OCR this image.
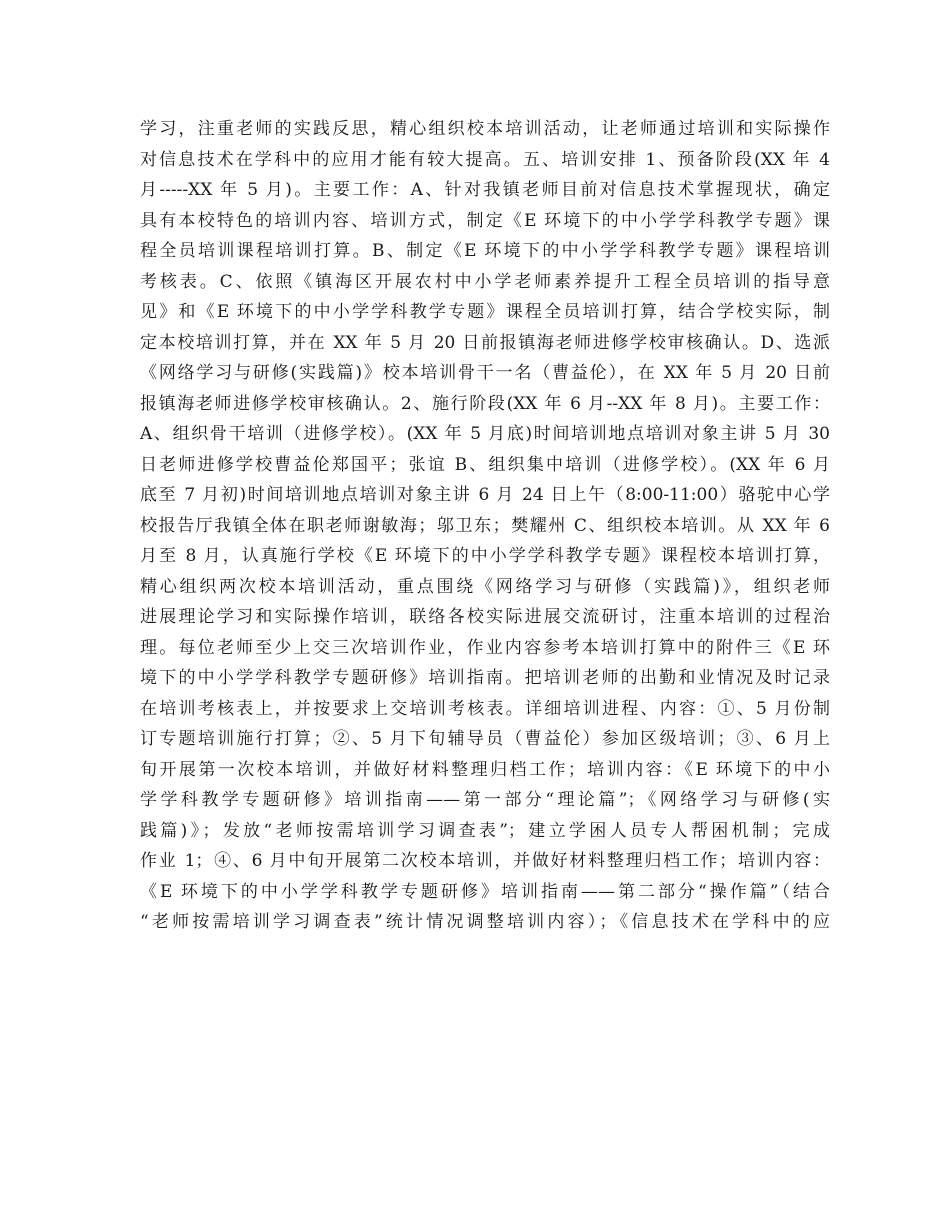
学习，注重老师的实践反思，精心组织校本培训活动，让老师通过培训和实际操作
对信息技术在学科中的应用才能有较大提高。五、培训安排 1、预备阶段(XX 年 4
月-----XX 年 5 月)。主要工作：A、针对我镇老师目前对信息技术掌握现状，确定
具有本校特色的培训内容、培训方式，制定《E 环境下的中小学学科教学专题》课
程全员培训课程培训打算。B、制定《E 环境下的中小学学科教学专题》课程培训
考核表。C、依照《镇海区开展农村中小学老师素养提升工程全员培训的指导意
见》和《E 环境下的中小学学科教学专题》课程全员培训打算，结合学校实际，制
定本校培训打算，并在 XX 年 5 月 20 日前报镇海老师进修学校审核确认。D、选派
《网络学习与研修(实践篇)》校本培训骨干一名（曹益伦），在 XX 年 5 月 20 日前
报镇海老师进修学校审核确认。2、施行阶段(XX 年 6 月--XX 年 8 月)。主要工作：
A、组织骨干培训（进修学校）。(XX 年 5 月底)时间培训地点培训对象主讲 5 月 30
日老师进修学校曹益伦郑国平；张谊 B、组织集中培训（进修学校）。(XX 年 6 月
底至 7 月初)时间培训地点培训对象主讲 6 月 24 日上午（8:00-11:00）骆驼中心学
校报告厅我镇全体在职老师谢敏海；邬卫东；樊耀州 C、组织校本培训。从 XX 年 6
月至 8 月，认真施行学校《E 环境下的中小学学科教学专题》课程校本培训打算，
精心组织两次校本培训活动，重点围绕《网络学习与研修（实践篇)》，组织老师
进展理论学习和实际操作培训，联络各校实际进展交流研讨，注重本培训的过程治
理。每位老师至少上交三次培训作业，作业内容参考本培训打算中的附件三《E 环
境下的中小学学科教学专题研修》培训指南。把培训老师的出勤和业情况及时记录
在培训考核表上，并按要求上交培训考核表。详细培训进程、内容：①、5 月份制
订专题培训施行打算；②、5 月下旬辅导员（曹益伦）参加区级培训；③、6 月上
旬开展第一次校本培训，并做好材料整理归档工作；培训内容：《E 环境下的中小
学学科教学专题研修》培训指南——第一部分“理论篇”；《网络学习与研修(实
践篇)》；发放“老师按需培训学习调查表”；建立学困人员专人帮困机制；完成
作业 1；④、6 月中旬开展第二次校本培训，并做好材料整理归档工作；培训内容：
《E 环境下的中小学学科教学专题研修》培训指南——第二部分“操作篇”（结合
“老师按需培训学习调查表”统计情况调整培训内容）；《信息技术在学科中的应
